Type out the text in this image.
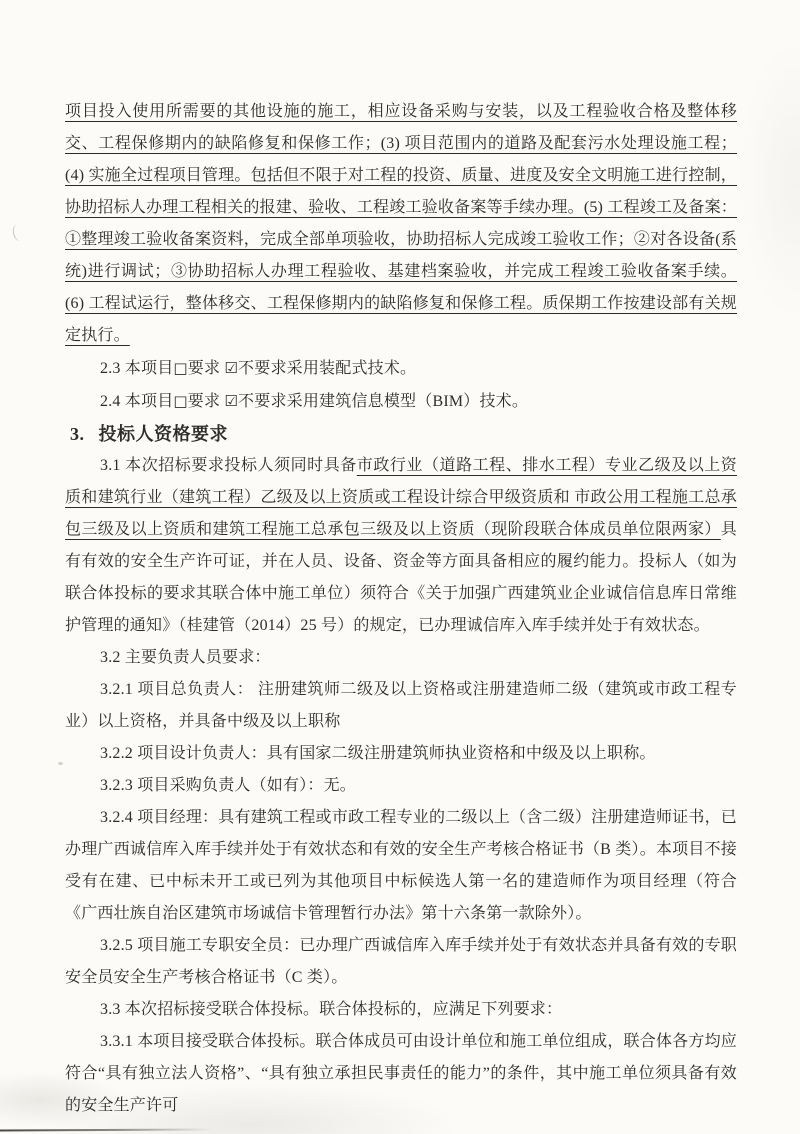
项目投入使用所需要的其他设施的施工，相应设备采购与安装，以及工程验收合格及整体移交、工程保修期内的缺陷修复和保修工作；(3) 项目范围内的道路及配套污水处理设施工程；(4) 实施全过程项目管理。包括但不限于对工程的投资、质量、进度及安全文明施工进行控制，协助招标人办理工程相关的报建、验收、工程竣工验收备案等手续办理。(5) 工程竣工及备案：①整理竣工验收备案资料，完成全部单项验收，协助招标人完成竣工验收工作；②对各设备(系统)进行调试；③协助招标人办理工程验收、基建档案验收，并完成工程竣工验收备案手续。(6) 工程试运行，整体移交、工程保修期内的缺陷修复和保修工程。质保期工作按建设部有关规定执行。

2.3 本项目□要求 ☑不要求采用装配式技术。

2.4 本项目□要求 ☑不要求采用建筑信息模型（BIM）技术。

3. 投标人资格要求

3.1 本次招标要求投标人须同时具备市政行业（道路工程、排水工程）专业乙级及以上资质和建筑行业（建筑工程）乙级及以上资质或工程设计综合甲级资质和 市政公用工程施工总承包三级及以上资质和建筑工程施工总承包三级及以上资质（现阶段联合体成员单位限两家）具有有效的安全生产许可证，并在人员、设备、资金等方面具备相应的履约能力。投标人（如为联合体投标的要求其联合体中施工单位）须符合《关于加强广西建筑业企业诚信信息库日常维护管理的通知》（桂建管（2014）25 号）的规定，已办理诚信库入库手续并处于有效状态。

3.2 主要负责人员要求：

3.2.1 项目总负责人： 注册建筑师二级及以上资格或注册建造师二级（建筑或市政工程专业）以上资格，并具备中级及以上职称

3.2.2 项目设计负责人：具有国家二级注册建筑师执业资格和中级及以上职称。

3.2.3 项目采购负责人（如有）：无。

3.2.4 项目经理：具有建筑工程或市政工程专业的二级以上（含二级）注册建造师证书，已办理广西诚信库入库手续并处于有效状态和有效的安全生产考核合格证书（B 类）。本项目不接受有在建、已中标未开工或已列为其他项目中标候选人第一名的建造师作为项目经理（符合《广西壮族自治区建筑市场诚信卡管理暂行办法》第十六条第一款除外）。

3.2.5 项目施工专职安全员：已办理广西诚信库入库手续并处于有效状态并具备有效的专职安全员安全生产考核合格证书（C 类）。

3.3 本次招标接受联合体投标。联合体投标的，应满足下列要求：

3.3.1 本项目接受联合体投标。联合体成员可由设计单位和施工单位组成，联合体各方均应符合“具有独立法人资格”、“具有独立承担民事责任的能力”的条件，其中施工单位须具备有效的安全生产许可
